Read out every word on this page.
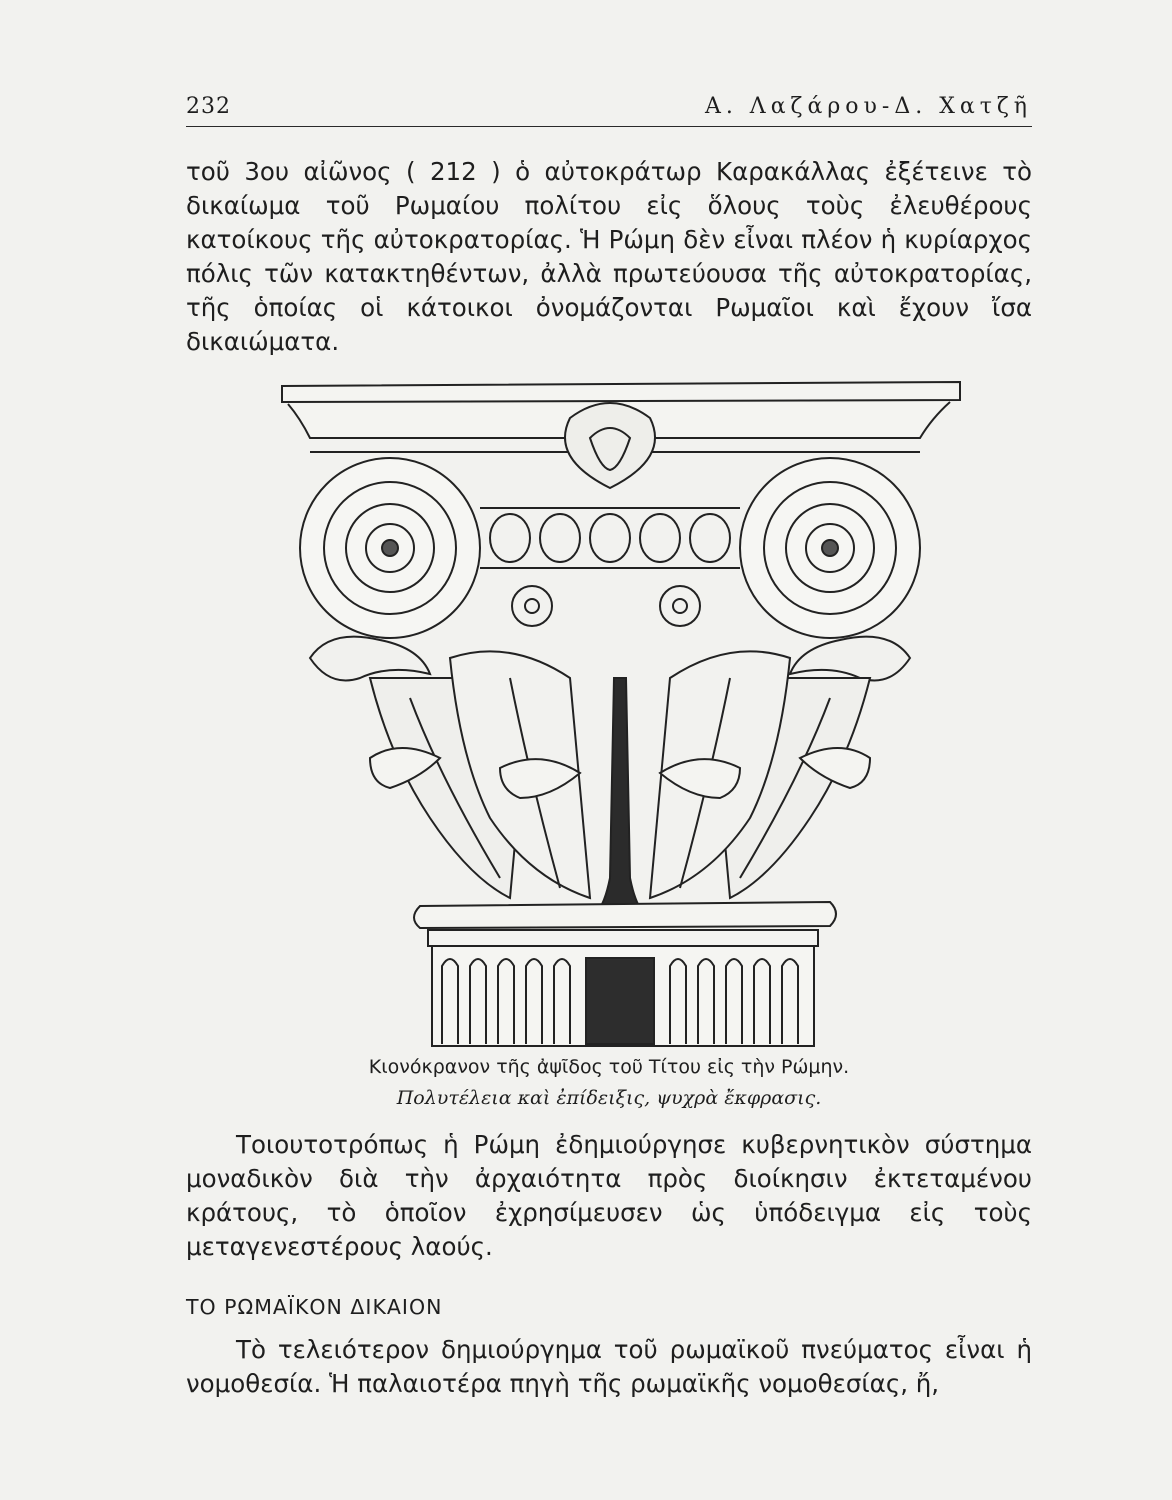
232	Α. Λαζάρου-Δ. Χατζῆ

τοῦ 3ου αἰῶνος ( 212 ) ὁ αὐτοκράτωρ Καρακάλλας ἐξέτεινε τὸ δικαίωμα τοῦ Ρωμαίου πολίτου εἰς ὅλους τοὺς ἐλευθέρους κατοίκους τῆς αὐτοκρατορίας. Ἡ Ρώμη δὲν εἶναι πλέον ἡ κυρίαρχος πόλις τῶν κατακτηθέντων, ἀλλὰ πρωτεύουσα τῆς αὐτοκρατορίας, τῆς ὁποίας οἱ κάτοικοι ὀνομάζονται Ρωμαῖοι καὶ ἔχουν ἴσα δικαιώματα.

Κιονόκρανον τῆς ἀψῖδος τοῦ Τίτου εἰς τὴν Ρώμην.
Πολυτέλεια καὶ ἐπίδειξις, ψυχρὰ ἔκφρασις.

Τοιουτοτρόπως ἡ Ρώμη ἐδημιούργησε κυβερνητικὸν σύστημα μοναδικὸν διὰ τὴν ἀρχαιότητα πρὸς διοίκησιν ἐκτεταμένου κράτους, τὸ ὁποῖον ἐχρησίμευσεν ὡς ὑπόδειγμα εἰς τοὺς μεταγενεστέρους λαούς.

ΤΟ ΡΩΜΑΪΚΟΝ ΔΙΚΑΙΟΝ

Τὸ τελειότερον δημιούργημα τοῦ ρωμαϊκοῦ πνεύματος εἶναι ἡ νομοθεσία. Ἡ παλαιοτέρα πηγὴ τῆς ρωμαϊκῆς νομοθεσίας, ἤ,
